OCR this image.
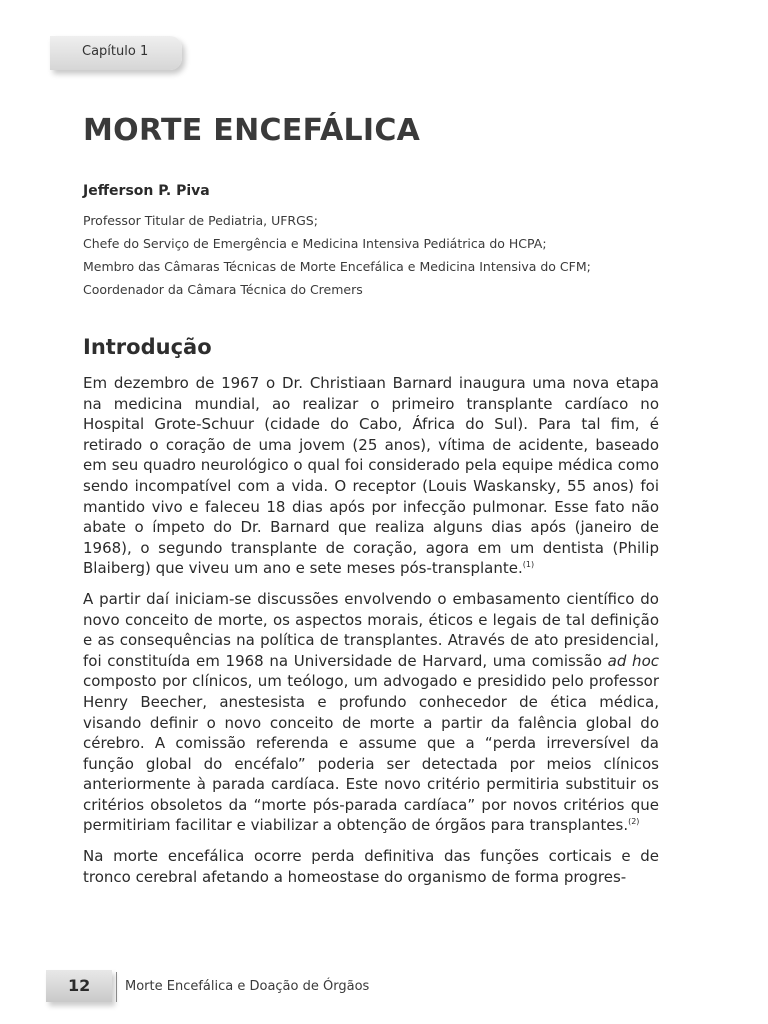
Capítulo 1
MORTE ENCEFÁLICA

Jefferson P. Piva

Professor Titular de Pediatria, UFRGS;
Chefe do Serviço de Emergência e Medicina Intensiva Pediátrica do HCPA;
Membro das Câmaras Técnicas de Morte Encefálica e Medicina Intensiva do CFM;
Coordenador da Câmara Técnica do Cremers
Introdução

Em dezembro de 1967 o Dr. Christiaan Barnard inaugura uma nova etapa na medicina mundial, ao realizar o primeiro transplante cardíaco no Hospital Grote-Schuur (cidade do Cabo, África do Sul). Para tal fim, é retirado o coração de uma jovem (25 anos), vítima de acidente, baseado em seu quadro neurológico o qual foi considerado pela equipe médica como sendo incompatível com a vida. O receptor (Louis Waskansky, 55 anos) foi mantido vivo e faleceu 18 dias após por infecção pulmonar. Esse fato não abate o ímpeto do Dr. Barnard que realiza alguns dias após (janeiro de 1968), o segundo transplante de coração, agora em um dentista (Philip Blaiberg) que viveu um ano e sete meses pós-transplante.$^{(1)}$

A partir daí iniciam-se discussões envolvendo o embasamento científico do novo conceito de morte, os aspectos morais, éticos e legais de tal definição e as consequências na política de transplantes. Através de ato presidencial, foi constituída em 1968 na Universidade de Harvard, uma comissão ad hoc composto por clínicos, um teólogo, um advogado e presidido pelo professor Henry Beecher, anestesista e profundo conhecedor de ética médica, visando definir o novo conceito de morte a partir da falência global do cérebro. A comissão referenda e assume que a “perda irreversível da função global do encéfalo” poderia ser detectada por meios clínicos anteriormente à parada cardíaca. Este novo critério permitiria substituir os critérios obsoletos da “morte pós-parada cardíaca” por novos critérios que permitiriam facilitar e viabilizar a obtenção de órgãos para transplantes.$^{(2)}$

Na morte encefálica ocorre perda definitiva das funções corticais e de tronco cerebral afetando a homeostase do organismo de forma progres-

12	Morte Encefálica e Doação de Órgãos
